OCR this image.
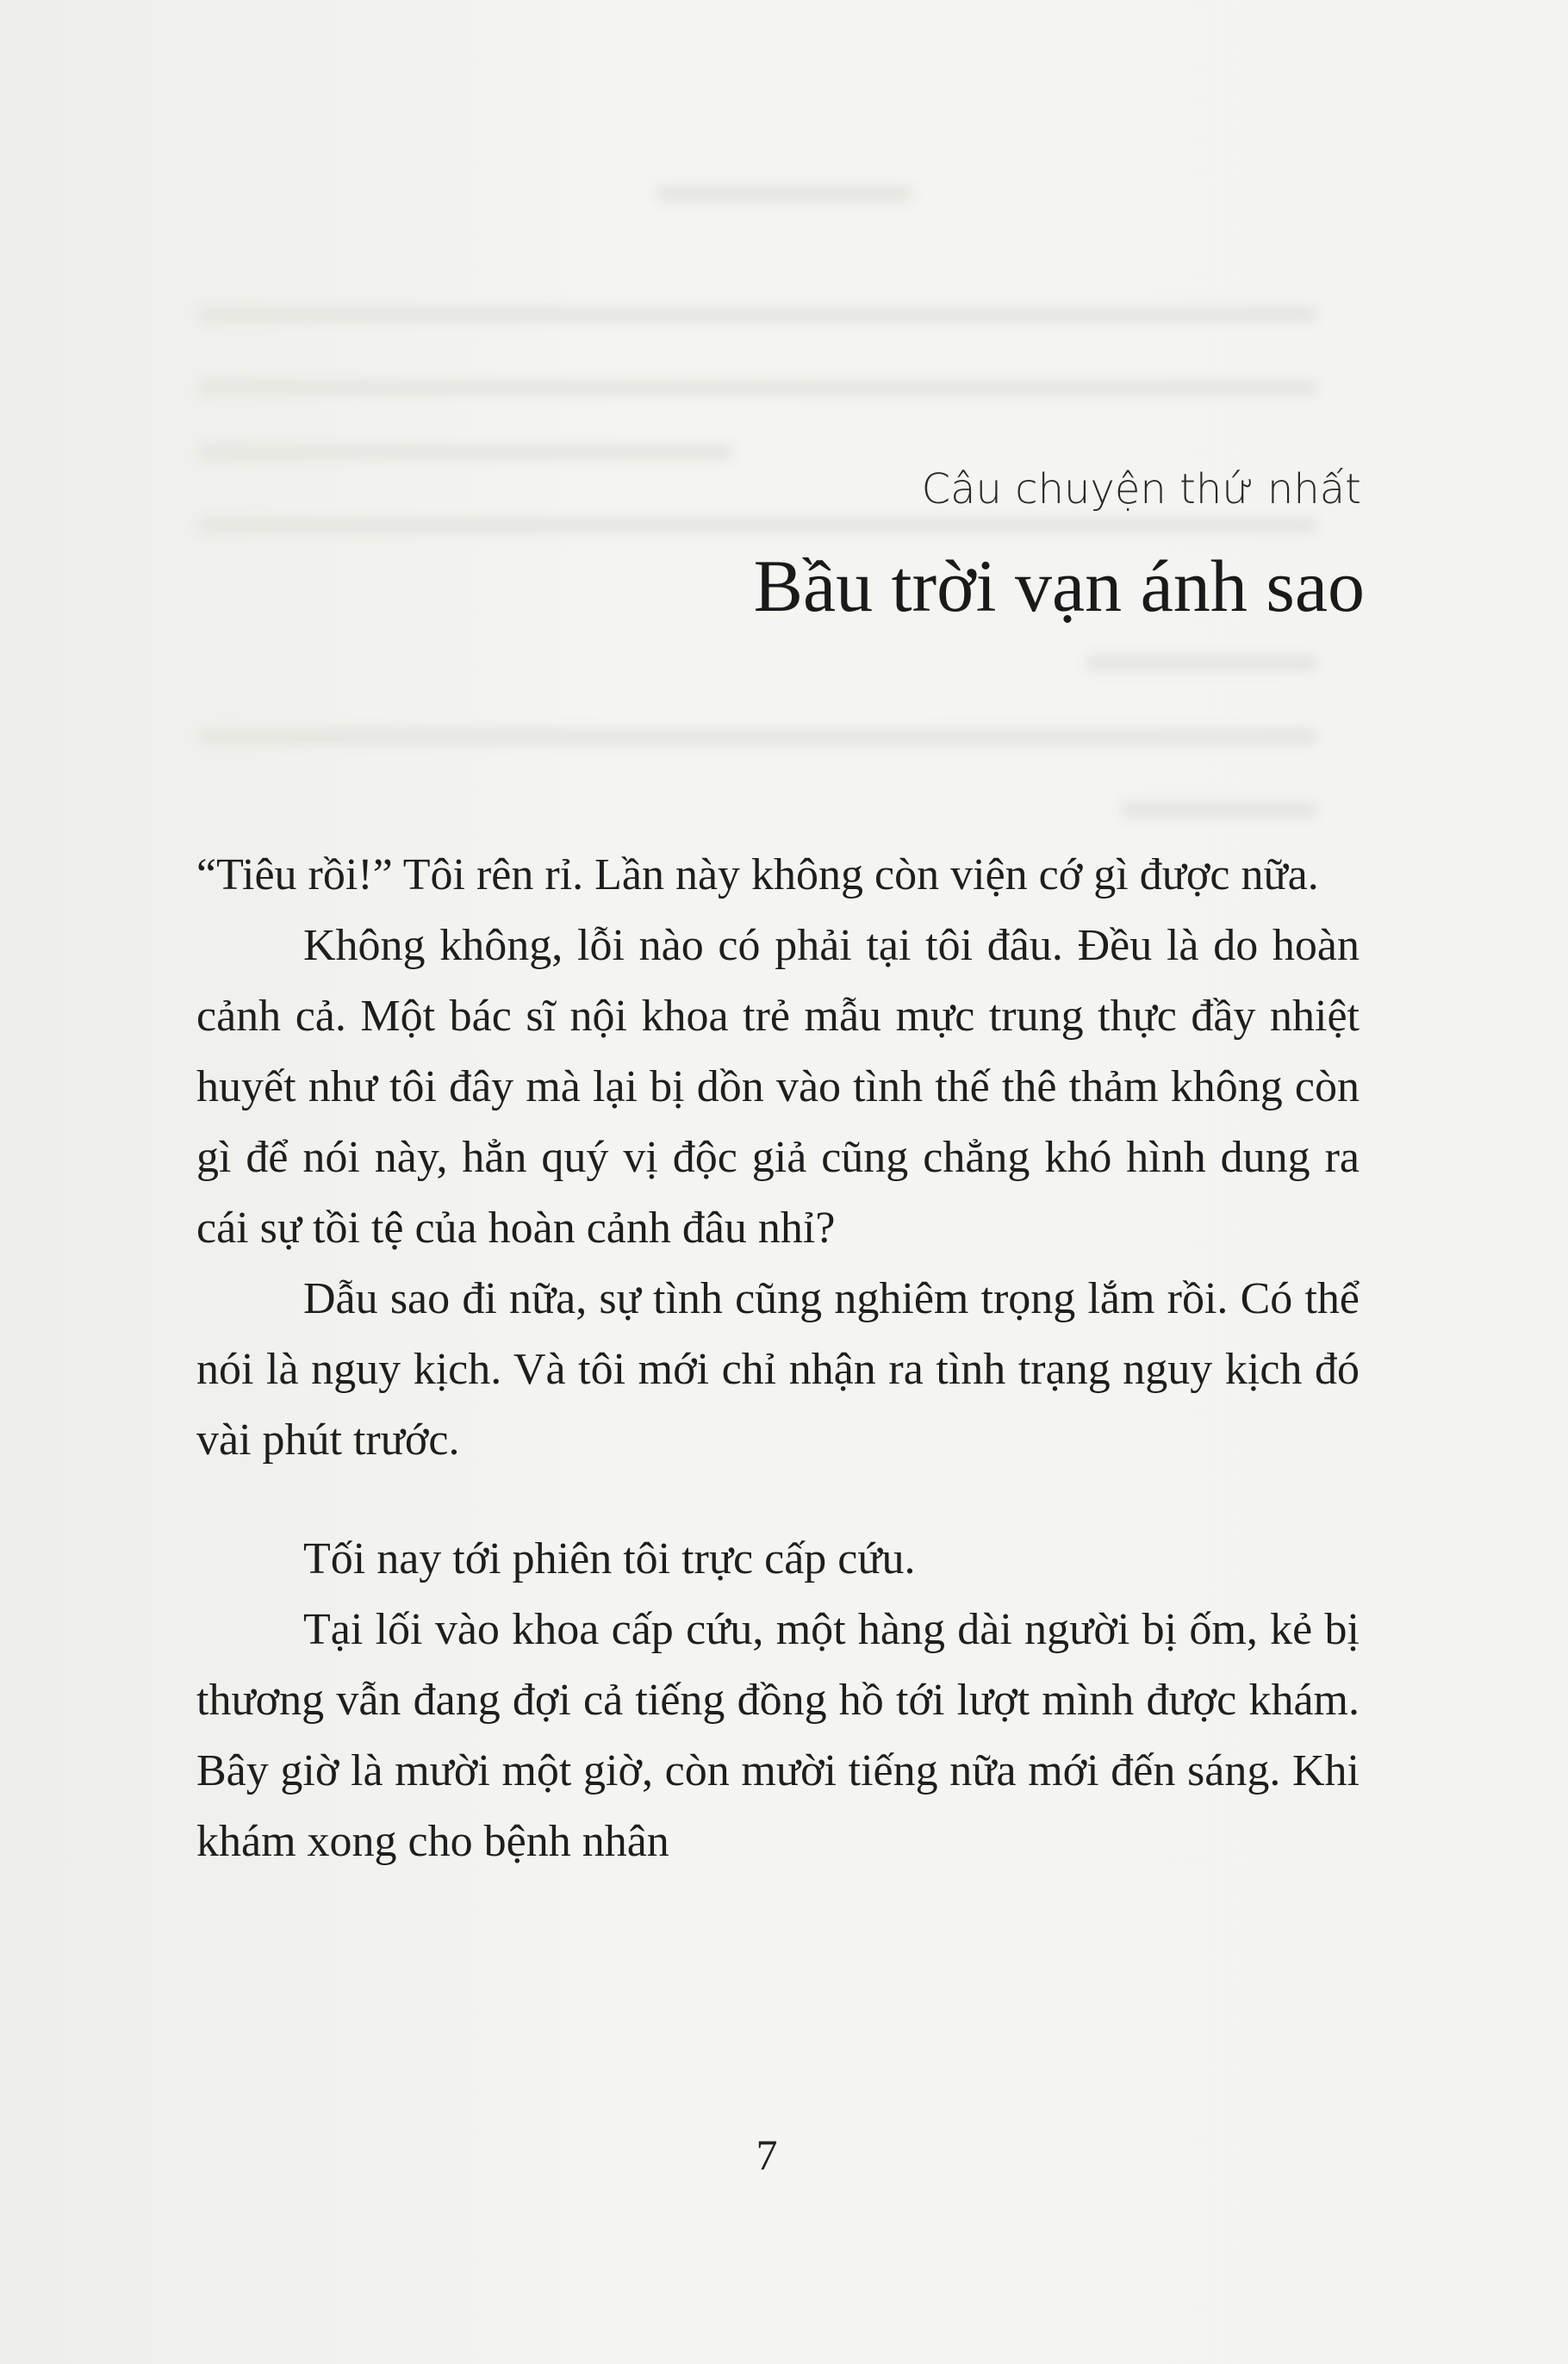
Câu chuyện thứ nhất
Bầu trời vạn ánh sao

“Tiêu rồi!” Tôi rên rỉ. Lần này không còn viện cớ gì được nữa.

Không không, lỗi nào có phải tại tôi đâu. Đều là do hoàn cảnh cả. Một bác sĩ nội khoa trẻ mẫu mực trung thực đầy nhiệt huyết như tôi đây mà lại bị dồn vào tình thế thê thảm không còn gì để nói này, hẳn quý vị độc giả cũng chẳng khó hình dung ra cái sự tồi tệ của hoàn cảnh đâu nhỉ?

Dẫu sao đi nữa, sự tình cũng nghiêm trọng lắm rồi. Có thể nói là nguy kịch. Và tôi mới chỉ nhận ra tình trạng nguy kịch đó vài phút trước.

Tối nay tới phiên tôi trực cấp cứu.

Tại lối vào khoa cấp cứu, một hàng dài người bị ốm, kẻ bị thương vẫn đang đợi cả tiếng đồng hồ tới lượt mình được khám. Bây giờ là mười một giờ, còn mười tiếng nữa mới đến sáng. Khi khám xong cho bệnh nhân

7
